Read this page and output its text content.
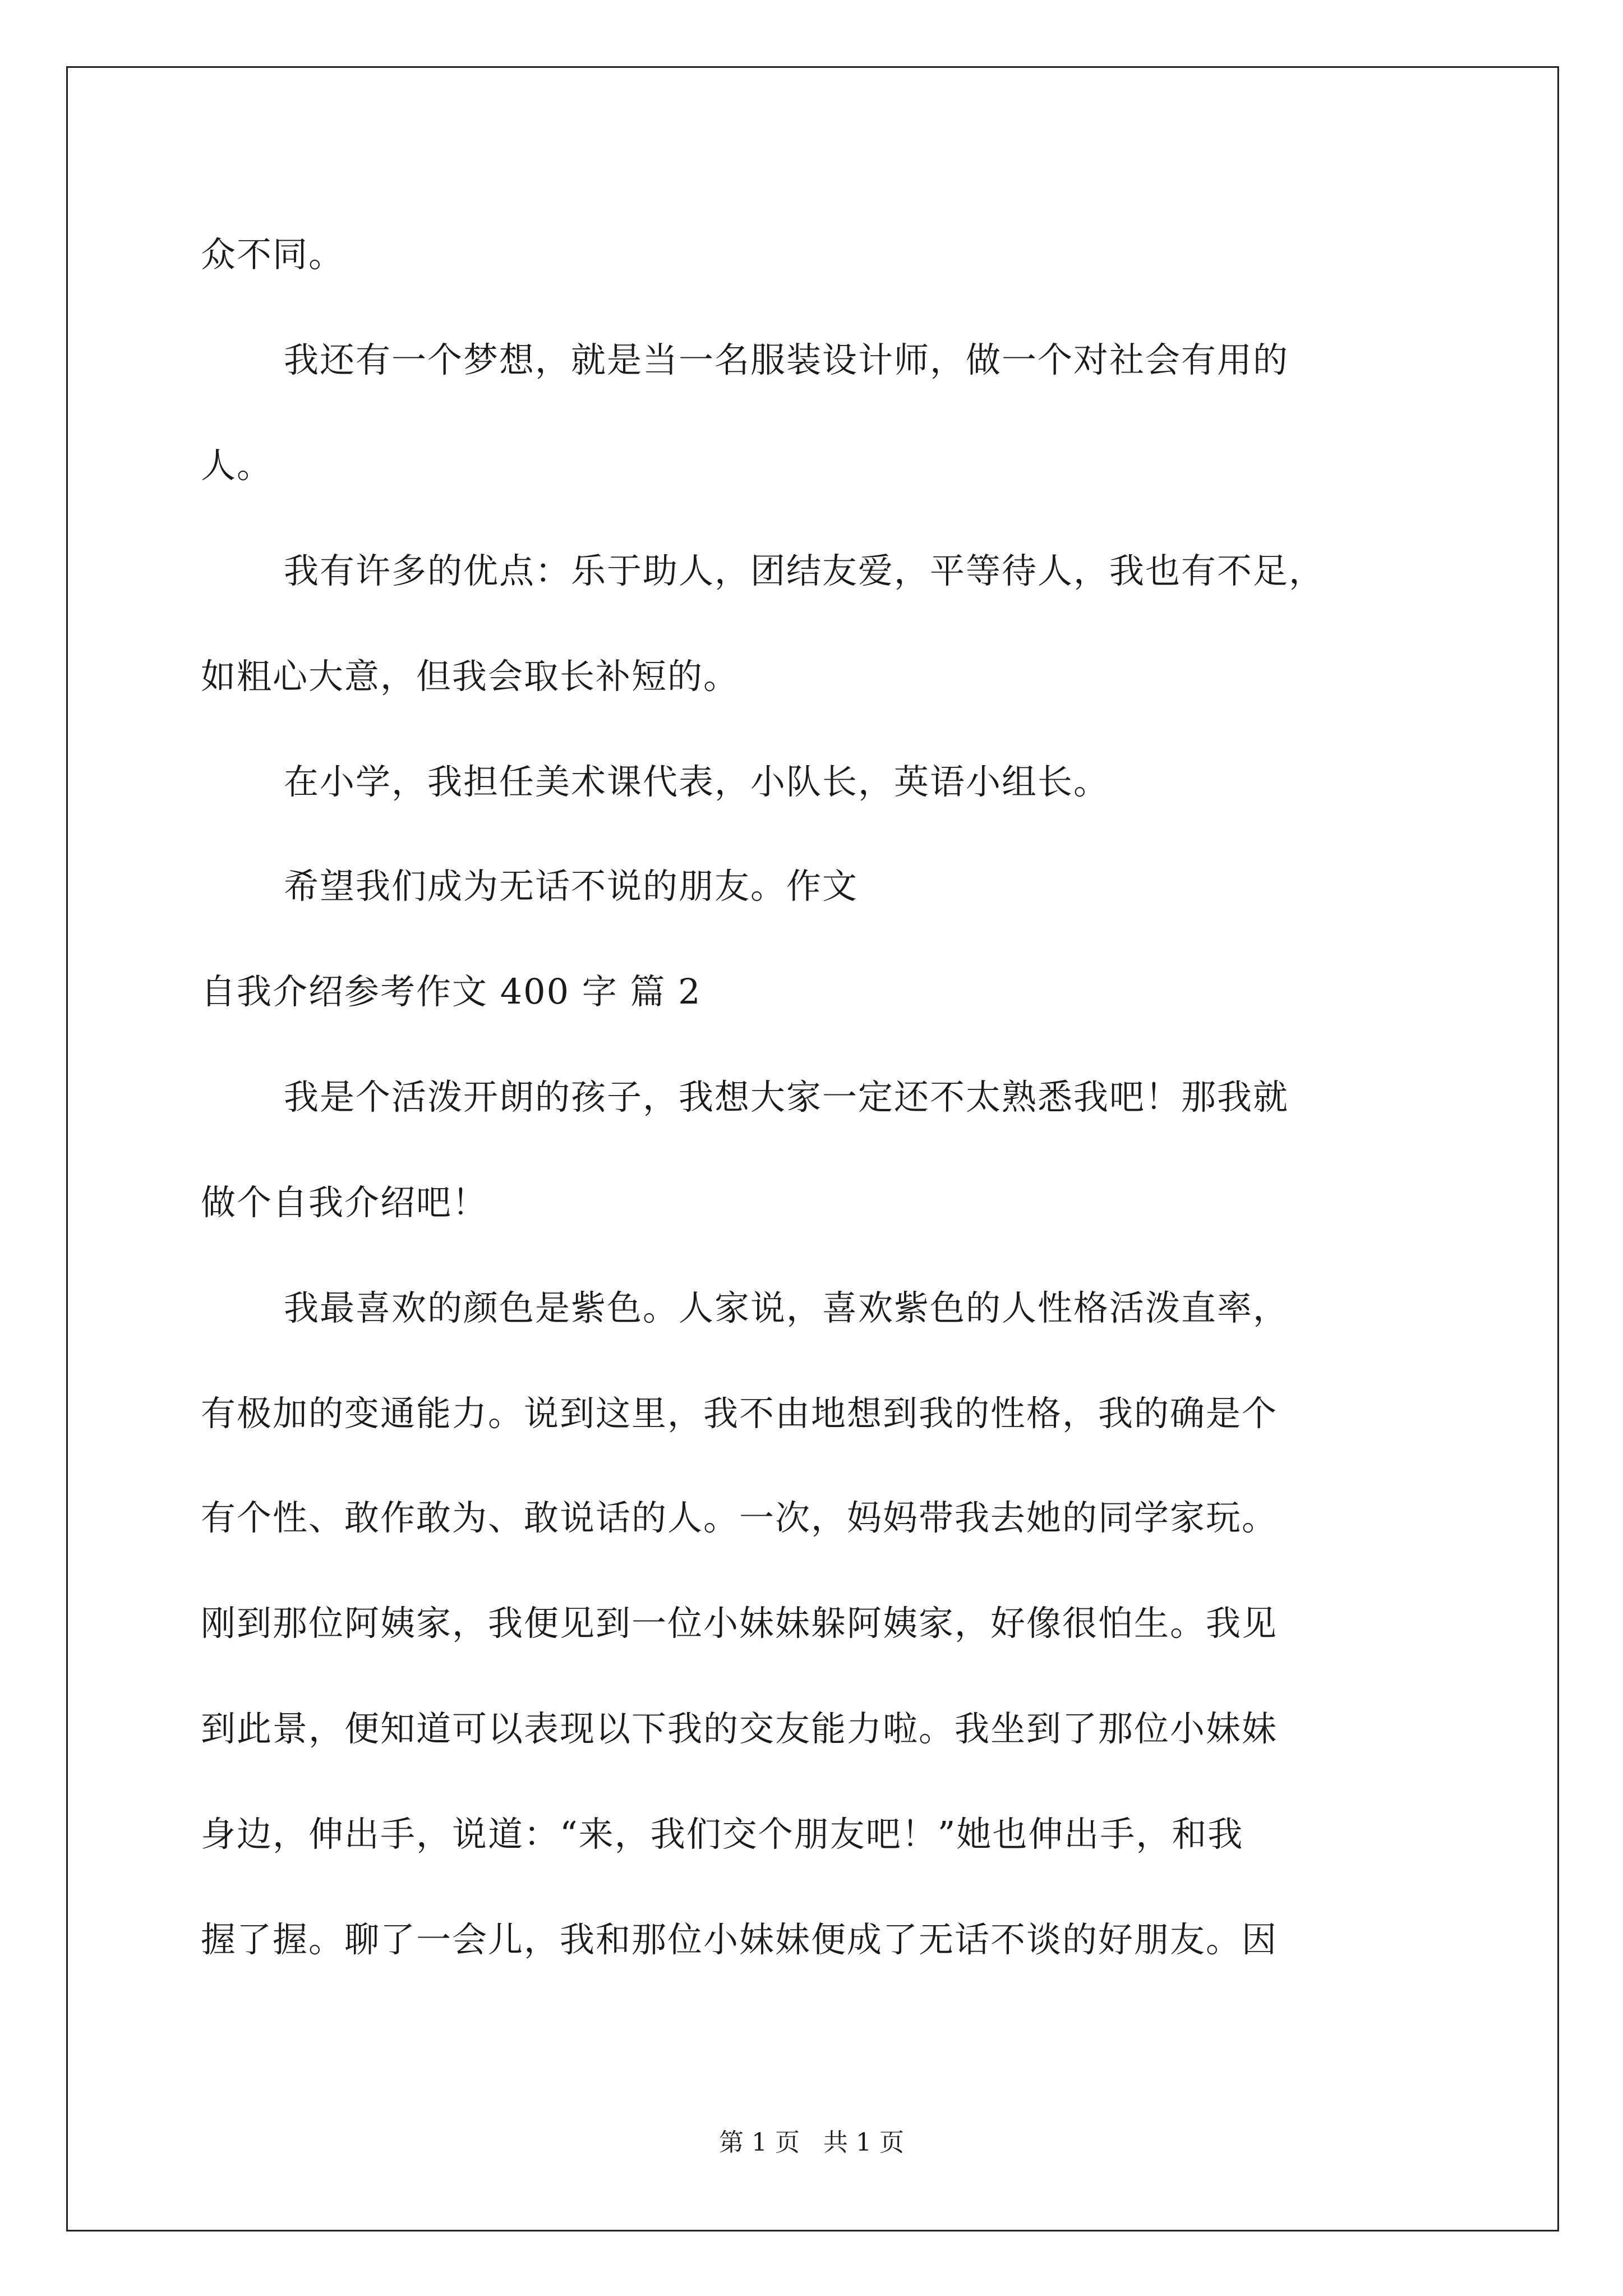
众不同。
我还有一个梦想，就是当一名服装设计师，做一个对社会有用的
人。
我有许多的优点：乐于助人，团结友爱，平等待人，我也有不足，
如粗心大意，但我会取长补短的。
在小学，我担任美术课代表，小队长，英语小组长。
希望我们成为无话不说的朋友。作文
自我介绍参考作文 400 字 篇 2
我是个活泼开朗的孩子，我想大家一定还不太熟悉我吧！那我就
做个自我介绍吧！
我最喜欢的颜色是紫色。人家说，喜欢紫色的人性格活泼直率，
有极加的变通能力。说到这里，我不由地想到我的性格，我的确是个
有个性、敢作敢为、敢说话的人。一次，妈妈带我去她的同学家玩。
刚到那位阿姨家，我便见到一位小妹妹躲阿姨家，好像很怕生。我见
到此景，便知道可以表现以下我的交友能力啦。我坐到了那位小妹妹
身边，伸出手，说道：“来，我们交个朋友吧！”她也伸出手，和我
握了握。聊了一会儿，我和那位小妹妹便成了无话不谈的好朋友。因
第 1 页   共 1 页
